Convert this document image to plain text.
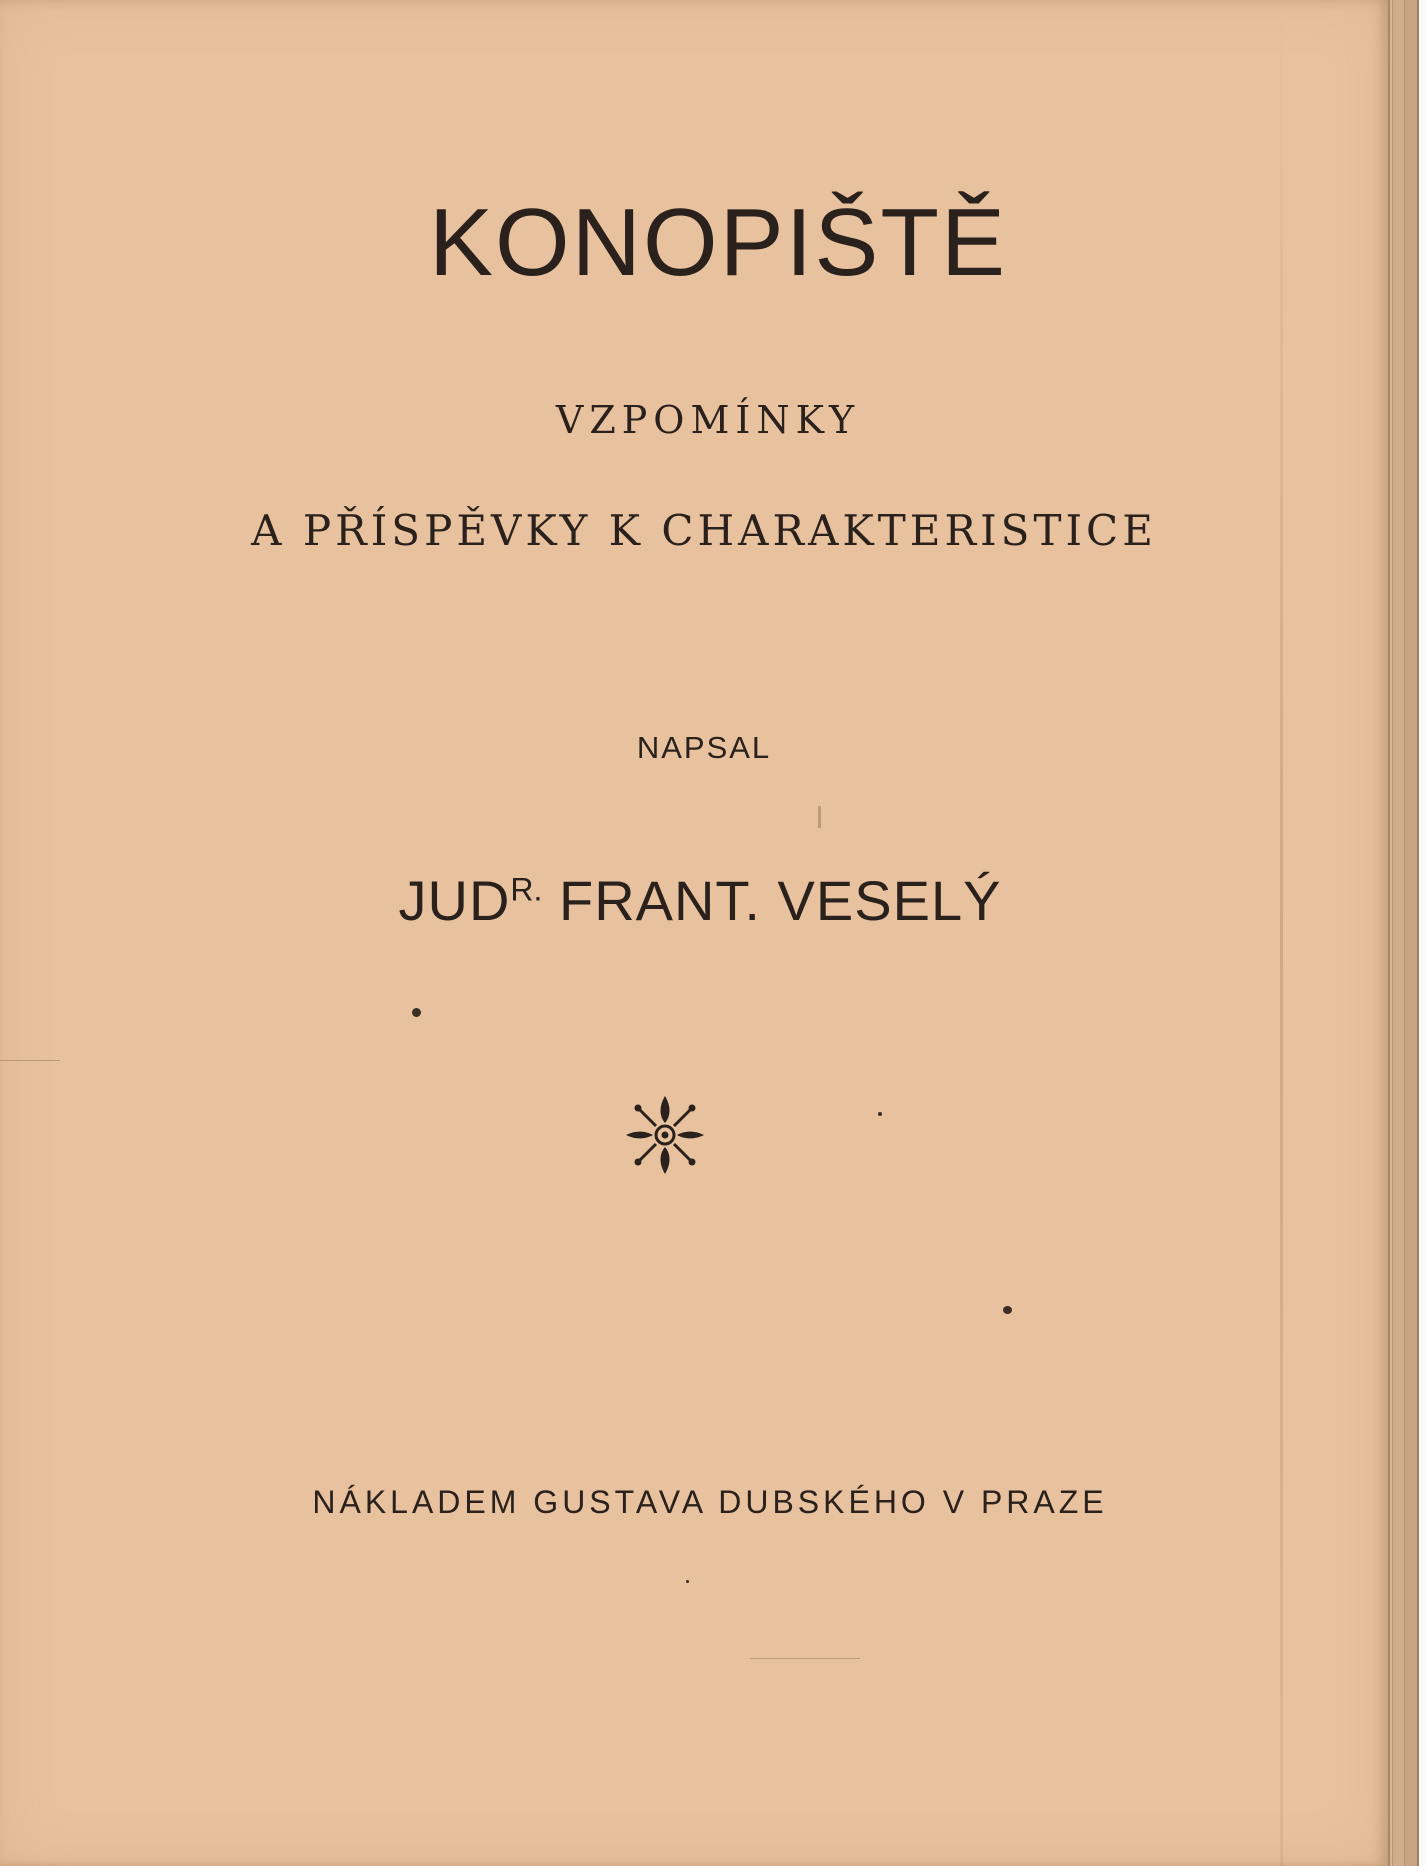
KONOPIŠTĚ
VZPOMÍNKY
A PŘÍSPĚVKY K CHARAKTERISTICE
NAPSAL
$JUD^{R.}$ FRANT. VESELÝ
NÁKLADEM GUSTAVA DUBSKÉHO V PRAZE
